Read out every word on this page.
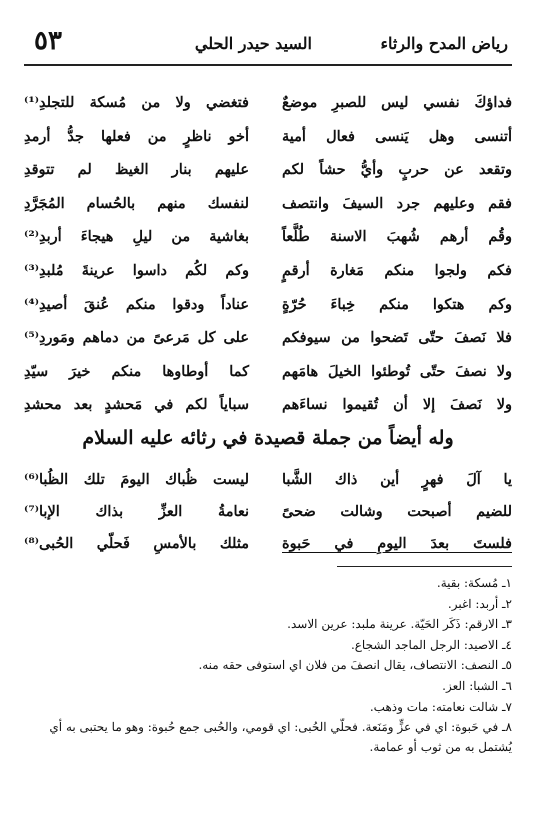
رياض المدح والرثاء
السيد حيدر الحلي
٥٣
فداؤكَ نفسي ليس للصبرِ موضعٌ
فتغضي ولا من مُسكة للتجلدِ⁽¹⁾
أتنسى وهل يَنسى فعال أمية
أخو ناظرٍ من فعلها جدُّ أرمدِ
وتقعد عن حربٍ وأيُّ حشاً لكم
عليهم بنار الغيظ لم تتوقدِ
فقم وعليهم جرد السيفَ وانتصف
لنفسك منهم بالحُسام المُجَرَّدِ
وقُم أرهم شُهبَ الاسنة طُلَّعاً
بغاشية من ليلِ هيجاءَ أربدِ⁽²⁾
فكم ولجوا منكم مَغارة أرقمٍ
وكم لكُم داسوا عرينةَ مُلبدِ⁽³⁾
وكم هتكوا منكم خِباءَ حُرّةٍ
عناداً ودقوا منكم عُنقَ أصيدِ⁽⁴⁾
فلا نَصفَ حتّى تَضحوا من سيوفكم
على كل مَرعىً من دماهم ومَوردِ⁽⁵⁾
ولا نصفَ حتّى تُوطئوا الخيلَ هامَهم
كما أوطاوها منكم خيرَ سيّدِ
ولا نَصفَ إلا أن تُقيموا نساءَهم
سباياً لكم في مَحشدٍ بعد محشدِ
وله أيضاً من جملة قصيدة في رثائه عليه السلام
يا آلَ فهرٍ أين ذاك الشَّبا
ليست ظُباك اليومَ تلك الظُبا⁽⁶⁾
للضيم أصبحت وشالت ضحىً
نعامةُ العزِّ بذاك الإبا⁽⁷⁾
فلستَ بعدَ اليومِ في حَبوة
مثلك بالأمسِ فَحلّي الحُبى⁽⁸⁾
١ـ مُسكة: بقية.
٢ـ أربد: اغبر.
٣ـ الارقم: ذَكَر الحَيّة. عرينة ملبد: عرين الاسد.
٤ـ الاصيد: الرجل الماجد الشجاع.
٥ـ النصف: الانتصاف، يقال انصفَ من فلان اي استوفى حقه منه.
٦ـ الشبا: العز.
٧ـ شالت نعامته: مات وذهب.
٨ـ في حَبوة: اي في عزٍّ ومَنَعة. فحلّي الحُبى: اي قومي، والحُبى جمع حُبوة: وهو ما يحتبى به أي يُشتمل به من ثوب أو عمامة.
